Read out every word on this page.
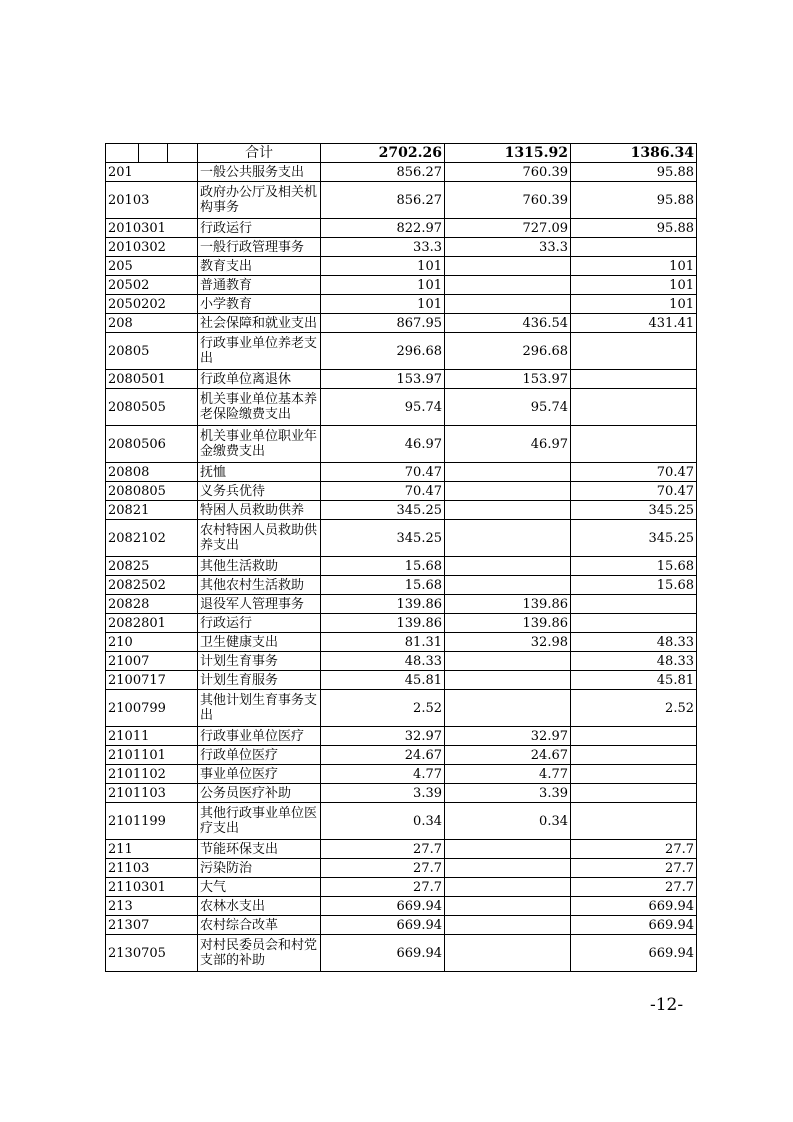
	合计	2702.26	1315.92	1386.34
201	一般公共服务支出	856.27	760.39	95.88
20103	政府办公厅及相关机构事务	856.27	760.39	95.88
2010301	行政运行	822.97	727.09	95.88
2010302	一般行政管理事务	33.3	33.3	
205	教育支出	101		101
20502	普通教育	101		101
2050202	小学教育	101		101
208	社会保障和就业支出	867.95	436.54	431.41
20805	行政事业单位养老支出	296.68	296.68	
2080501	行政单位离退休	153.97	153.97	
2080505	机关事业单位基本养老保险缴费支出	95.74	95.74	
2080506	机关事业单位职业年金缴费支出	46.97	46.97	
20808	抚恤	70.47		70.47
2080805	义务兵优待	70.47		70.47
20821	特困人员救助供养	345.25		345.25
2082102	农村特困人员救助供养支出	345.25		345.25
20825	其他生活救助	15.68		15.68
2082502	其他农村生活救助	15.68		15.68
20828	退役军人管理事务	139.86	139.86	
2082801	行政运行	139.86	139.86	
210	卫生健康支出	81.31	32.98	48.33
21007	计划生育事务	48.33		48.33
2100717	计划生育服务	45.81		45.81
2100799	其他计划生育事务支出	2.52		2.52
21011	行政事业单位医疗	32.97	32.97	
2101101	行政单位医疗	24.67	24.67	
2101102	事业单位医疗	4.77	4.77	
2101103	公务员医疗补助	3.39	3.39	
2101199	其他行政事业单位医疗支出	0.34	0.34	
211	节能环保支出	27.7		27.7
21103	污染防治	27.7		27.7
2110301	大气	27.7		27.7
213	农林水支出	669.94		669.94
21307	农村综合改革	669.94		669.94
2130705	对村民委员会和村党支部的补助	669.94		669.94
-12-
